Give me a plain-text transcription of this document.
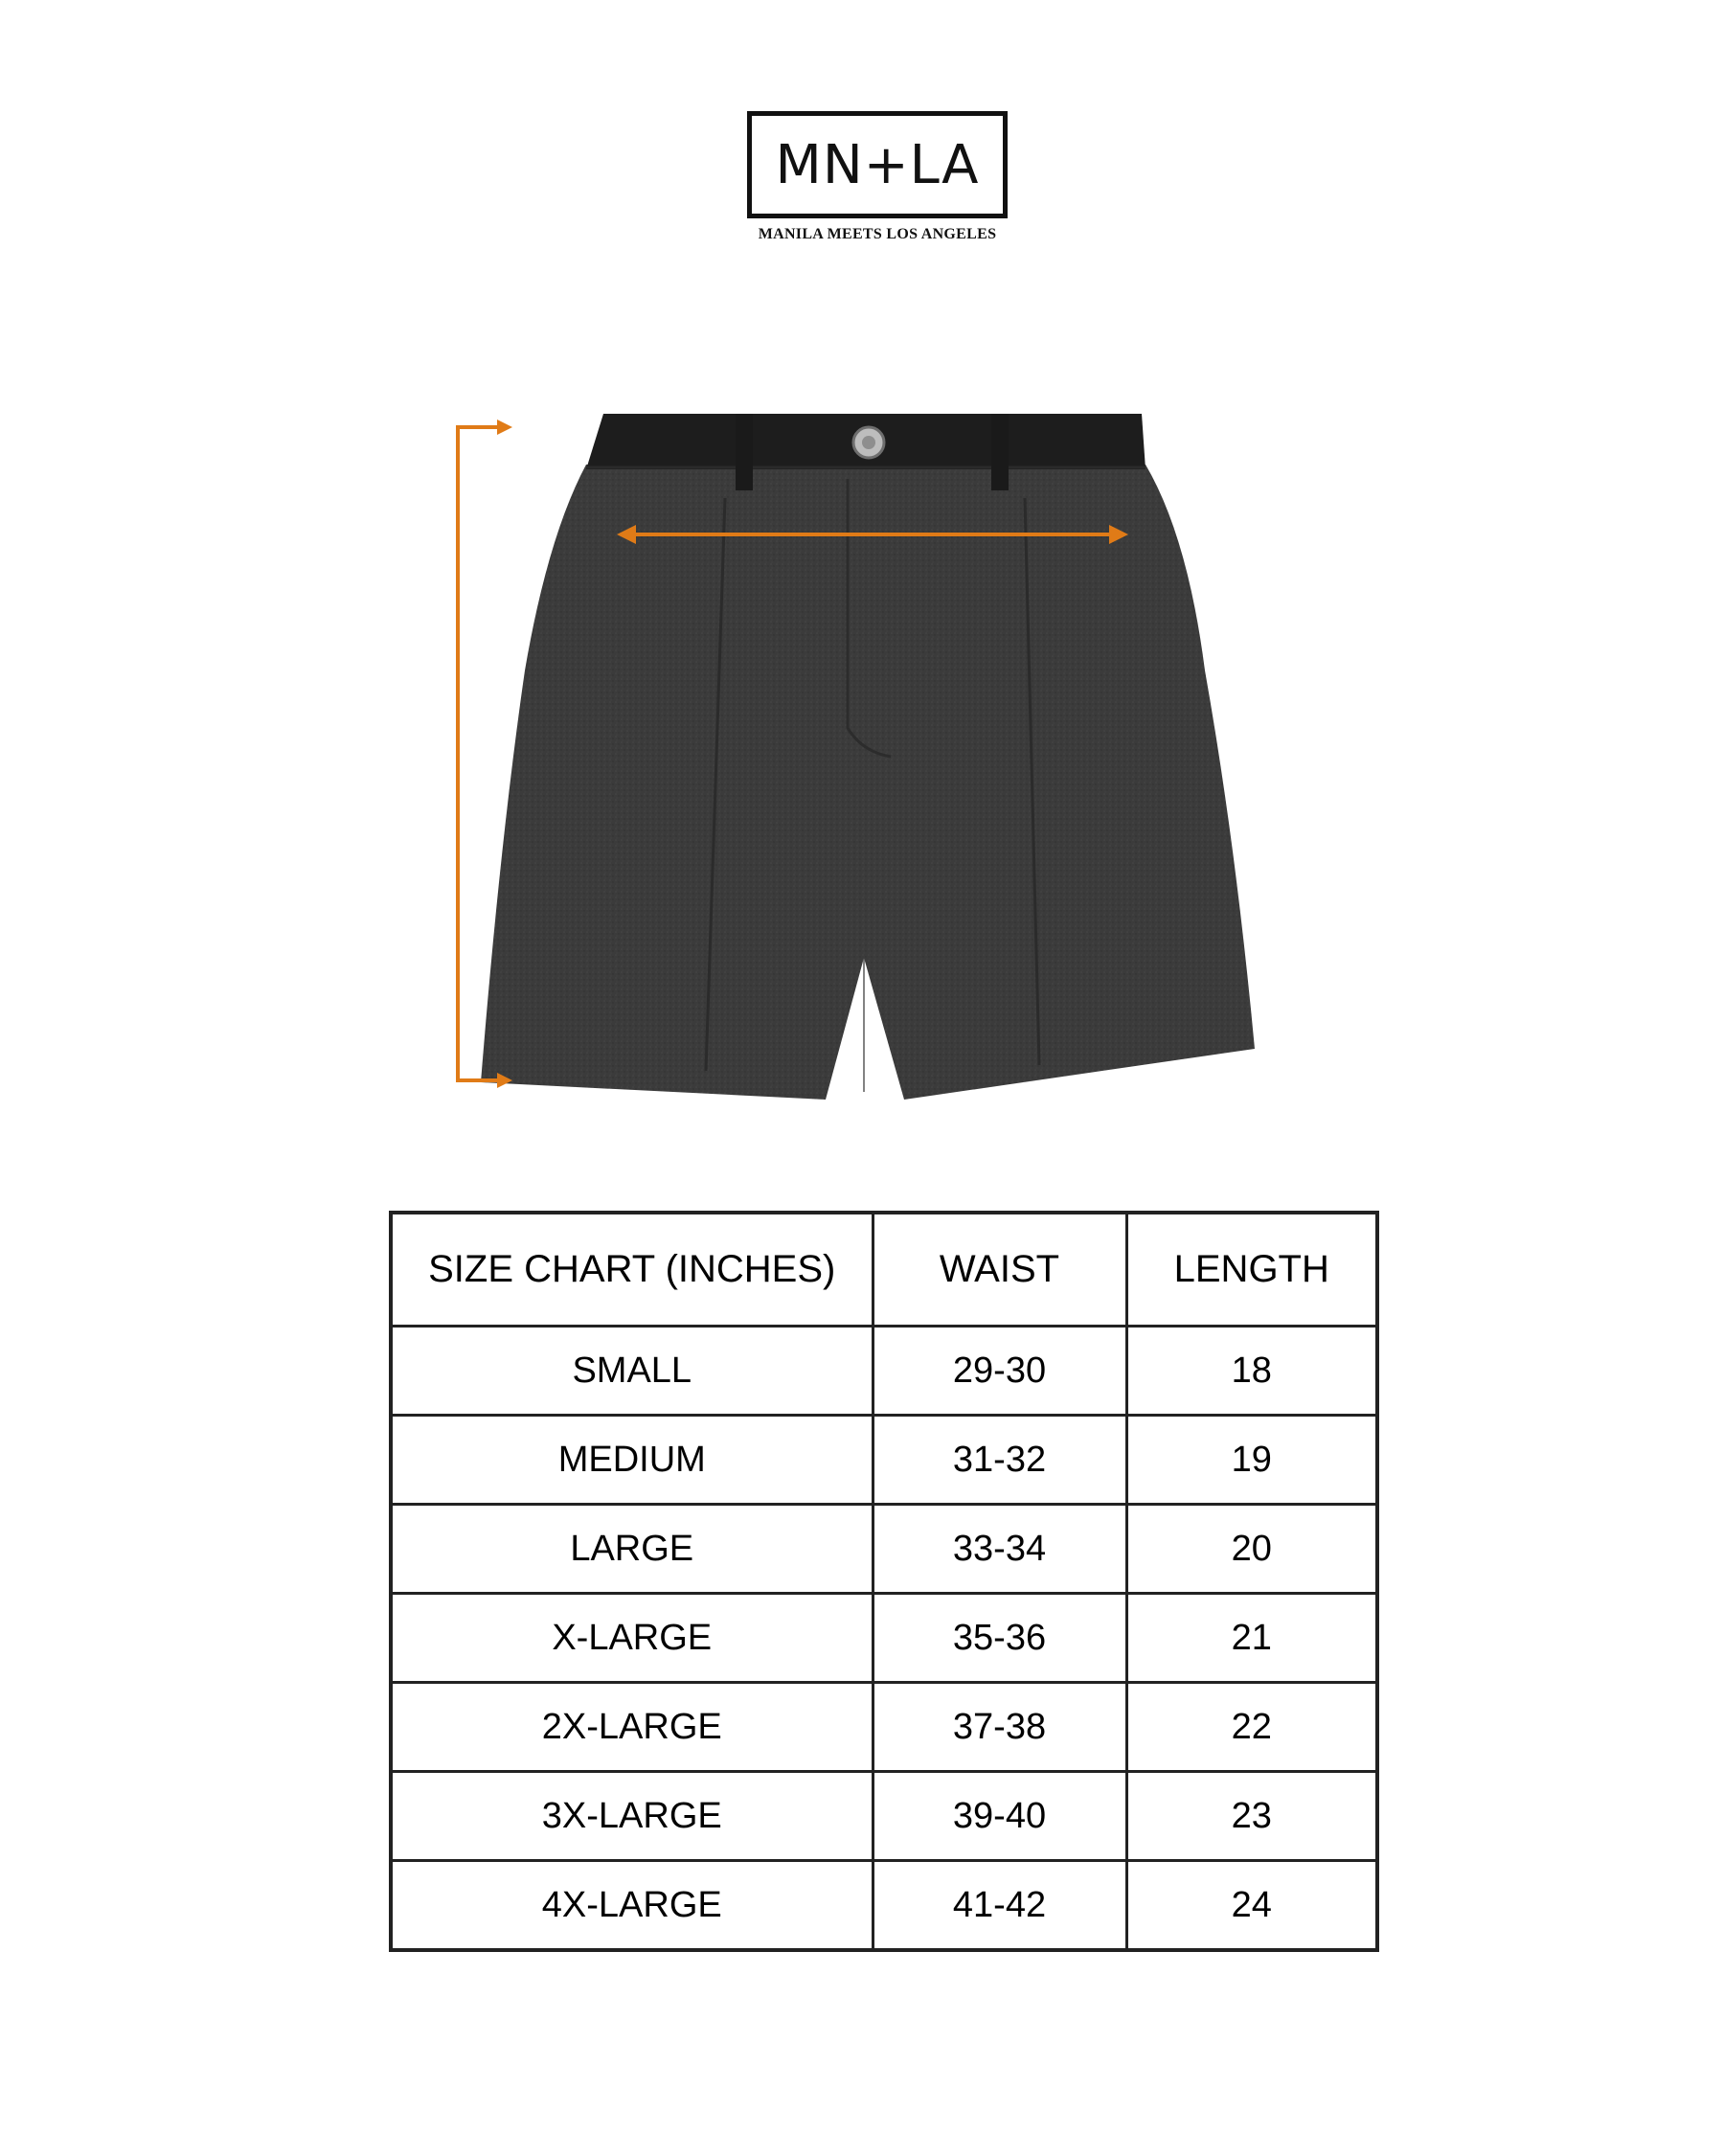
MN+LA
MANILA MEETS LOS ANGELES
SIZE CHART (INCHES)	WAIST	LENGTH
SMALL	29-30	18
MEDIUM	31-32	19
LARGE	33-34	20
X-LARGE	35-36	21
2X-LARGE	37-38	22
3X-LARGE	39-40	23
4X-LARGE	41-42	24
